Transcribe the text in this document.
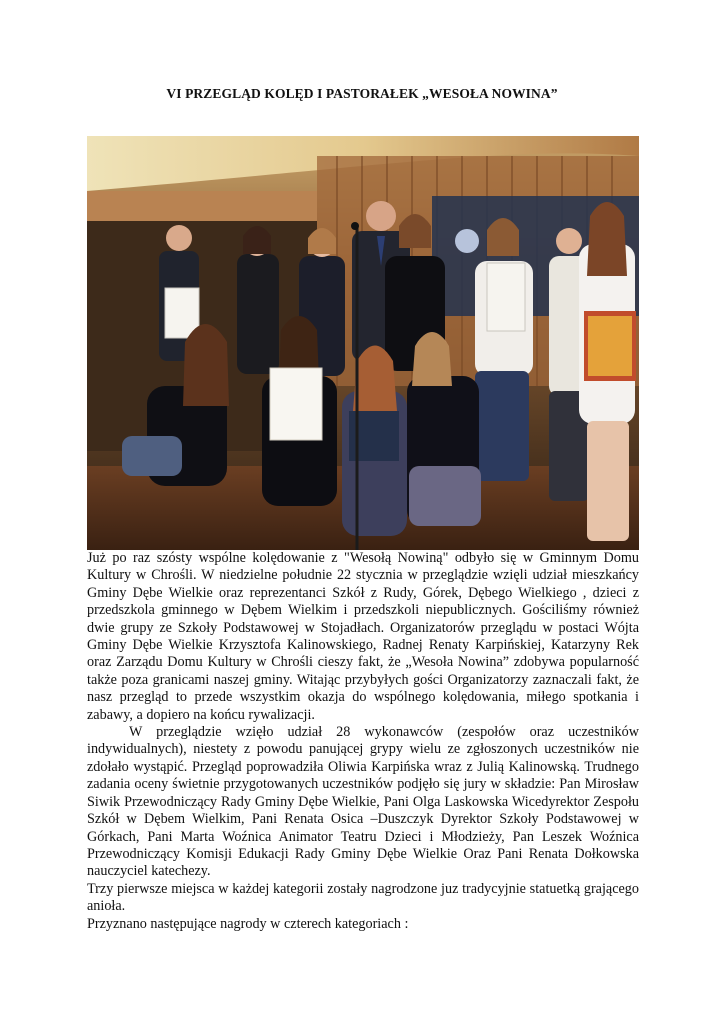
VI PRZEGLĄD KOLĘD I PASTORAŁEK „WESOŁA NOWINA”

Już po raz szósty wspólne kolędowanie z "Wesołą Nowiną" odbyło się w Gminnym Domu Kultury w Chrośli. W niedzielne południe 22 stycznia w przeglądzie wzięli udział mieszkańcy Gminy Dębe Wielkie oraz reprezentanci Szkół z Rudy, Górek, Dębego Wielkiego , dzieci z przedszkola gminnego w Dębem Wielkim i przedszkoli niepublicznych. Gościliśmy również dwie grupy ze Szkoły Podstawowej w Stojadłach. Organizatorów przeglądu w postaci Wójta Gminy Dębe Wielkie Krzysztofa Kalinowskiego, Radnej Renaty Karpińskiej, Katarzyny Rek oraz Zarządu Domu Kultury w Chrośli cieszy fakt, że „Wesoła Nowina” zdobywa popularność także poza granicami naszej gminy. Witając przybyłych gości Organizatorzy zaznaczali fakt, że nasz przegląd to przede wszystkim okazja do wspólnego kolędowania, miłego spotkania i zabawy, a dopiero na końcu rywalizacji.

W przeglądzie wzięło udział 28 wykonawców (zespołów oraz uczestników indywidualnych), niestety z powodu panującej grypy wielu ze zgłoszonych uczestników nie zdołało wystąpić. Przegląd poprowadziła Oliwia Karpińska wraz z Julią Kalinowską. Trudnego zadania oceny świetnie przygotowanych uczestników podjęło się jury w składzie: Pan Mirosław Siwik Przewodniczący Rady Gminy Dębe Wielkie, Pani Olga Laskowska Wicedyrektor Zespołu Szkół w Dębem Wielkim, Pani Renata Osica –Duszczyk Dyrektor Szkoły Podstawowej w Górkach, Pani Marta Woźnica Animator Teatru Dzieci i Młodzieży, Pan Leszek Woźnica Przewodniczący Komisji Edukacji Rady Gminy Dębe Wielkie Oraz Pani Renata Dołkowska nauczyciel katechezy.

Trzy pierwsze miejsca w każdej kategorii zostały nagrodzone juz tradycyjnie statuetką grającego anioła.

Przyznano następujące nagrody w czterech kategoriach :
